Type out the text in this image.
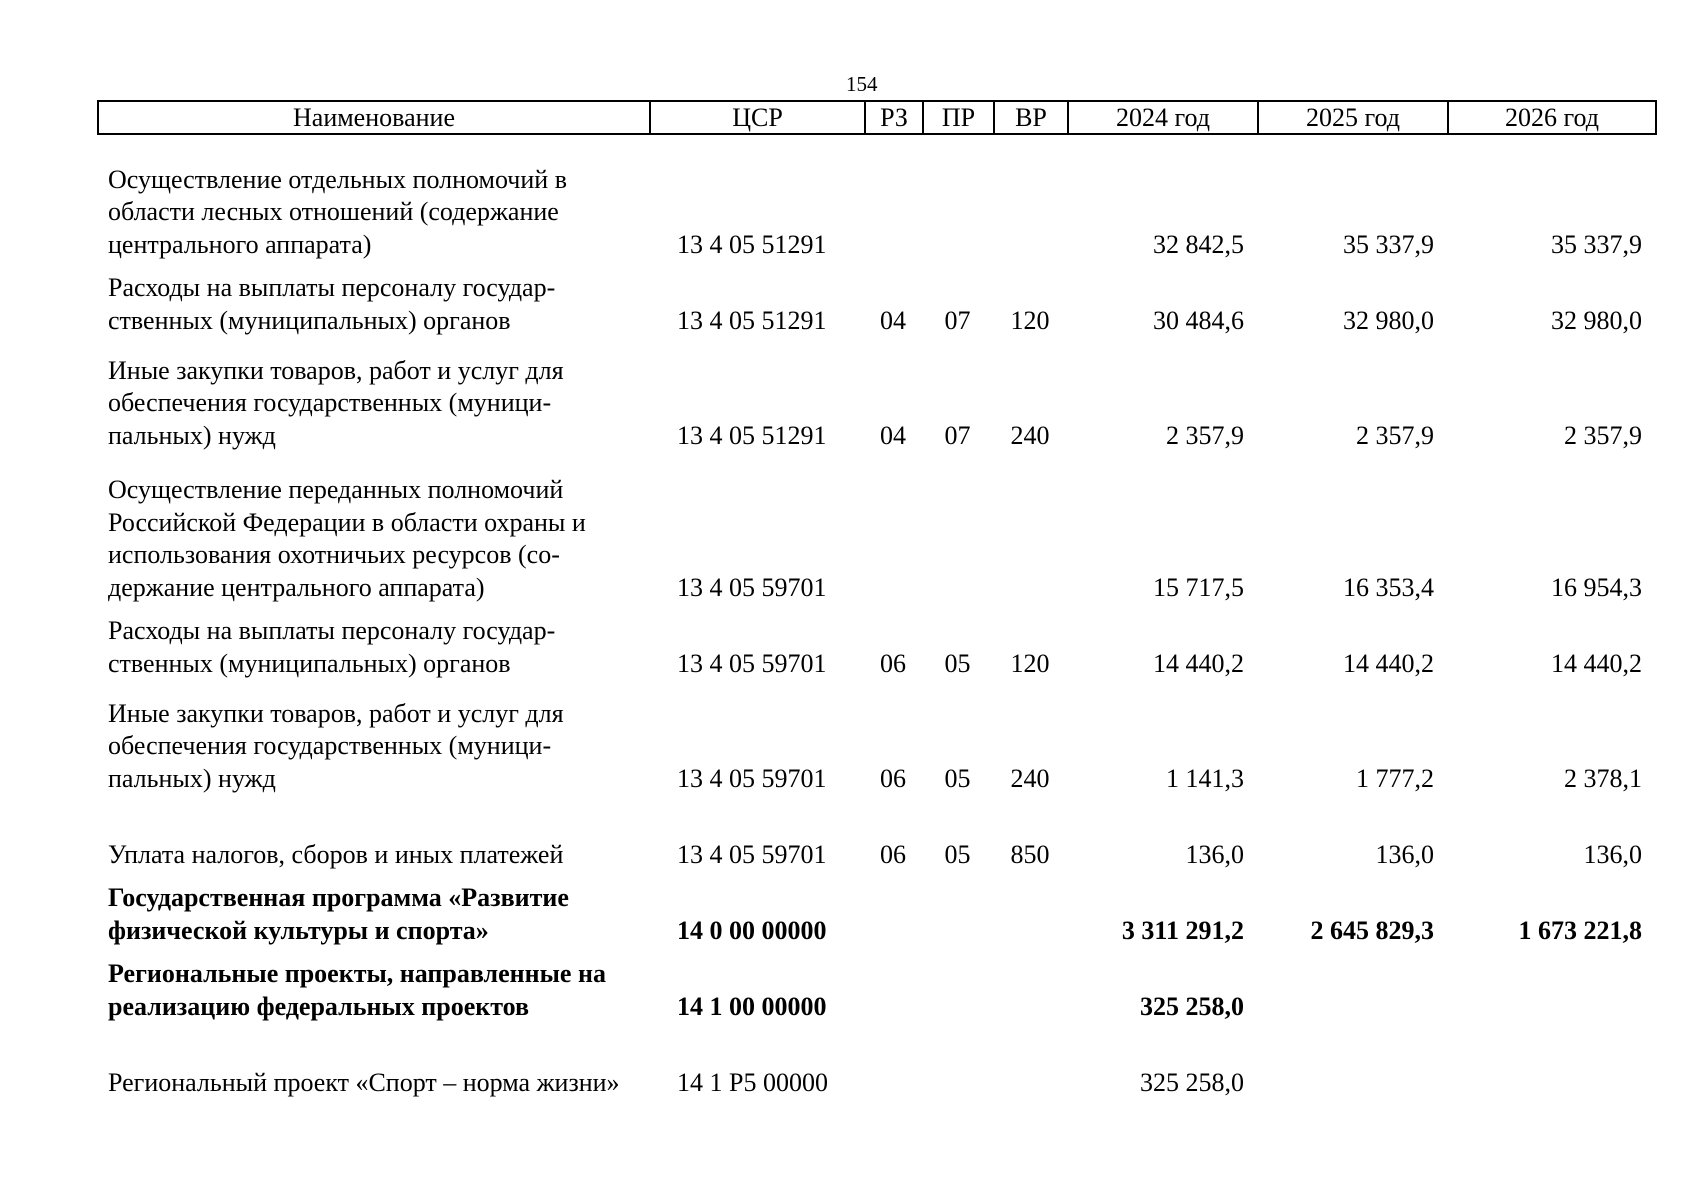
154
Наименование	ЦСР	РЗ	ПР	ВР	2024 год	2025 год	2026 год
Осуществление отдельных полномочий в области лесных отношений (содержание центрального аппарата)	13 4 05 51291				32 842,5	35 337,9	35 337,9
Расходы на выплаты персоналу государ-ственных (муниципальных) органов	13 4 05 51291	04	07	120	30 484,6	32 980,0	32 980,0
Иные закупки товаров, работ и услуг для обеспечения государственных (муници-пальных) нужд	13 4 05 51291	04	07	240	2 357,9	2 357,9	2 357,9
Осуществление переданных полномочий Российской Федерации в области охраны и использования охотничьих ресурсов (со-держание центрального аппарата)	13 4 05 59701				15 717,5	16 353,4	16 954,3
Расходы на выплаты персоналу государ-ственных (муниципальных) органов	13 4 05 59701	06	05	120	14 440,2	14 440,2	14 440,2
Иные закупки товаров, работ и услуг для обеспечения государственных (муници-пальных) нужд	13 4 05 59701	06	05	240	1 141,3	1 777,2	2 378,1
Уплата налогов, сборов и иных платежей	13 4 05 59701	06	05	850	136,0	136,0	136,0
Государственная программа «Развитие физической культуры и спорта»	14 0 00 00000				3 311 291,2	2 645 829,3	1 673 221,8
Региональные проекты, направленные на реализацию федеральных проектов	14 1 00 00000				325 258,0		
Региональный проект «Спорт – норма жизни»	14 1 Р5 00000				325 258,0		
